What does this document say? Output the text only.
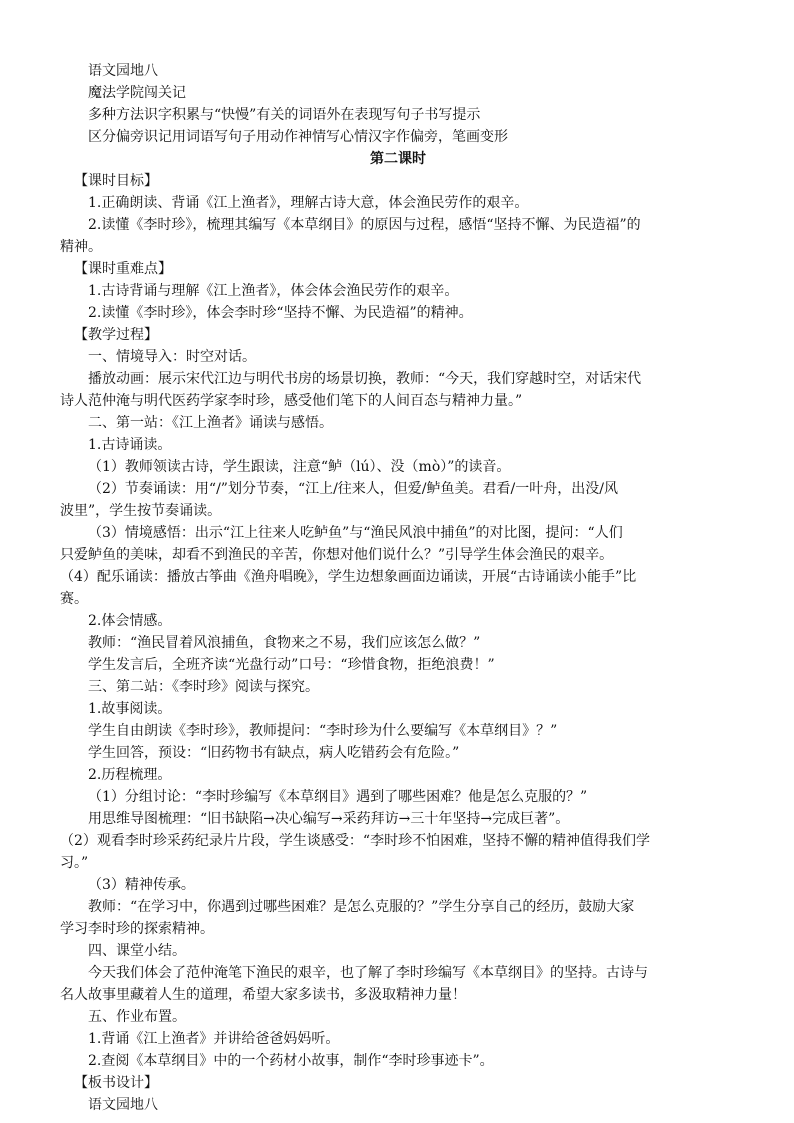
语文园地八
魔法学院闯关记
多种方法识字积累与“快慢”有关的词语外在表现写句子书写提示
区分偏旁识记用词语写句子用动作神情写心情汉字作偏旁，笔画变形
第二课时
【课时目标】
1.正确朗读、背诵《江上渔者》，理解古诗大意，体会渔民劳作的艰辛。
2.读懂《李时珍》，梳理其编写《本草纲目》的原因与过程，感悟“坚持不懈、为民造福”的
精神。
【课时重难点】
1.古诗背诵与理解《江上渔者》，体会体会渔民劳作的艰辛。
2.读懂《李时珍》，体会李时珍“坚持不懈、为民造福”的精神。
【教学过程】
一、情境导入：时空对话。
播放动画：展示宋代江边与明代书房的场景切换，教师：“今天，我们穿越时空，对话宋代
诗人范仲淹与明代医药学家李时珍，感受他们笔下的人间百态与精神力量。”
二、第一站：《江上渔者》诵读与感悟。
1.古诗诵读。
（1）教师领读古诗，学生跟读，注意“鲈（lú）、没（mò）”的读音。
（2）节奏诵读：用“/”划分节奏，“江上/往来人，但爱/鲈鱼美。君看/一叶舟，出没/风
波里”，学生按节奏诵读。
（3）情境感悟：出示“江上往来人吃鲈鱼”与“渔民风浪中捕鱼”的对比图，提问：“人们
只爱鲈鱼的美味，却看不到渔民的辛苦，你想对他们说什么？”引导学生体会渔民的艰辛。
（4）配乐诵读：播放古筝曲《渔舟唱晚》，学生边想象画面边诵读，开展“古诗诵读小能手”比
赛。
2.体会情感。
教师：“渔民冒着风浪捕鱼，食物来之不易，我们应该怎么做？”
学生发言后，全班齐读“光盘行动”口号：“珍惜食物，拒绝浪费！”
三、第二站：《李时珍》阅读与探究。
1.故事阅读。
学生自由朗读《李时珍》，教师提问：“李时珍为什么要编写《本草纲目》？”
学生回答，预设：“旧药物书有缺点，病人吃错药会有危险。”
2.历程梳理。
（1）分组讨论：“李时珍编写《本草纲目》遇到了哪些困难？他是怎么克服的？”
用思维导图梳理：“旧书缺陷→决心编写→采药拜访→三十年坚持→完成巨著”。
（2）观看李时珍采药纪录片片段，学生谈感受：“李时珍不怕困难，坚持不懈的精神值得我们学
习。”
（3）精神传承。
教师：“在学习中，你遇到过哪些困难？是怎么克服的？”学生分享自己的经历，鼓励大家
学习李时珍的探索精神。
四、课堂小结。
今天我们体会了范仲淹笔下渔民的艰辛，也了解了李时珍编写《本草纲目》的坚持。古诗与
名人故事里藏着人生的道理，希望大家多读书，多汲取精神力量！
五、作业布置。
1.背诵《江上渔者》并讲给爸爸妈妈听。
2.查阅《本草纲目》中的一个药材小故事，制作“李时珍事迹卡”。
【板书设计】
语文园地八
